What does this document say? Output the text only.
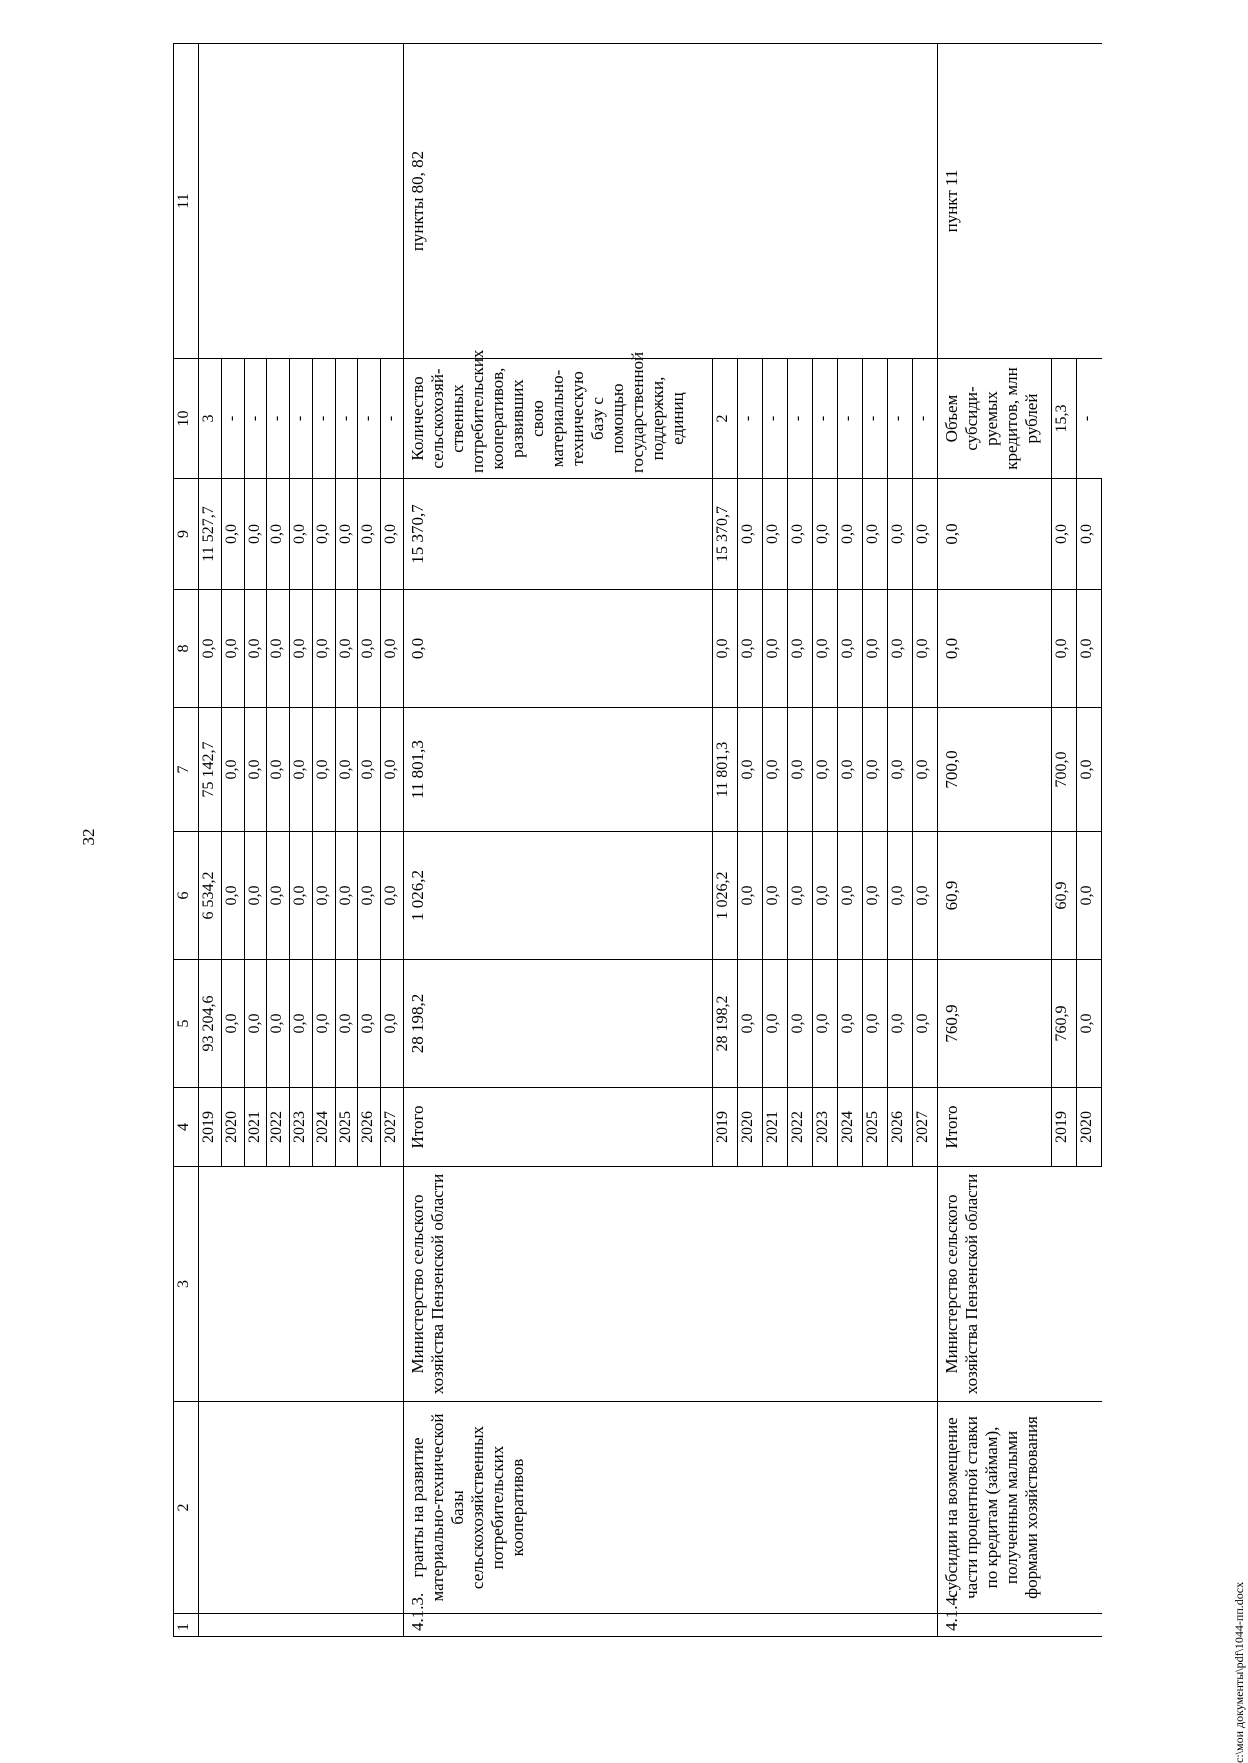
32
c:\мои документы\pdf\1044-пп.docx
1	2	3	4	5	6	7	8	9	10	11
			2019	93 204,6	6 534,2	75 142,7	0,0	11 527,7	3	
			2020	0,0	0,0	0,0	0,0	0,0	-	
			2021	0,0	0,0	0,0	0,0	0,0	-	
			2022	0,0	0,0	0,0	0,0	0,0	-	
			2023	0,0	0,0	0,0	0,0	0,0	-	
			2024	0,0	0,0	0,0	0,0	0,0	-	
			2025	0,0	0,0	0,0	0,0	0,0	-	
			2026	0,0	0,0	0,0	0,0	0,0	-	
			2027	0,0	0,0	0,0	0,0	0,0	-	
4.1.3.	гранты на развитие материально-технической базы сельскохозяйственных потребительских кооперативов	Министерство сельского хозяйства Пензенской области	Итого	28 198,2	1 026,2	11 801,3	0,0	15 370,7	Количество сельскохозяй-ственных потребительских кооперативов, развивших свою материально-техническую базу с помощью государственной поддержки, единиц	пункты 80, 82
			2019	28 198,2	1 026,2	11 801,3	0,0	15 370,7	2	
			2020	0,0	0,0	0,0	0,0	0,0	-	
			2021	0,0	0,0	0,0	0,0	0,0	-	
			2022	0,0	0,0	0,0	0,0	0,0	-	
			2023	0,0	0,0	0,0	0,0	0,0	-	
			2024	0,0	0,0	0,0	0,0	0,0	-	
			2025	0,0	0,0	0,0	0,0	0,0	-	
			2026	0,0	0,0	0,0	0,0	0,0	-	
			2027	0,0	0,0	0,0	0,0	0,0	-	
4.1.4.	субсидии на возмещение части процентной ставки по кредитам (займам), полученным малыми формами хозяйствования	Министерство сельского хозяйства Пензенской области	Итого	760,9	60,9	700,0	0,0	0,0	Объем субсиди-руемых кредитов, млн рублей	пункт 11
			2019	760,9	60,9	700,0	0,0	0,0	15,3	
			2020	0,0	0,0	0,0	0,0	0,0	-	
